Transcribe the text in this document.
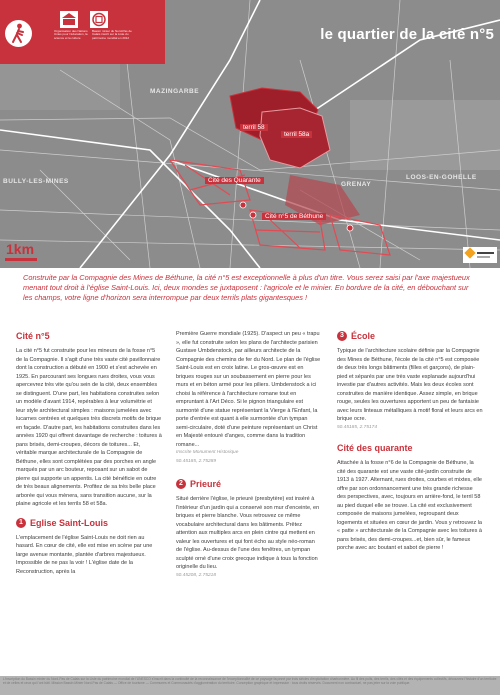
Organisation des Nations Unies pour l'éducation, la science et la culture
Bassin minier du Nord-Pas de Calais inscrit sur la Liste du patrimoine mondial en 2012	le quartier de la cité n°5
MAZINGARBE
BULLY-LES-MINES	GRENAY
LOOS-EN-GOHELLE
terril 58
terril 58a
Cité des Quarante
Cité n°5 de Béthune
1km
Construite par la Compagnie des Mines de Béthune, la cité n°5 est exceptionnelle à plus d'un titre. Vous serez saisi par l'axe majestueux menant tout droit à l'église Saint-Louis. Ici, deux mondes se juxtaposent : l'agricole et le minier. En bordure de la cité, en débouchant sur les champs, votre ligne d'horizon sera interrompue par deux terrils plats gigantesques !
Cité n°5

La cité n°5 fut construite pour les mineurs de la fosse n°5 de la Compagnie. Il s'agit d'une très vaste cité pavillonnaire dont la construction a débuté en 1900 et s'est achevée en 1925. En parcourant ses longues rues droites, vous vous apercevrez très vite qu'ou sein de la cité, deux ensembles se distinguent. D'une part, les habitations construites selon un modèle d'avant 1914, repérables à leur volumétrie et leur style architectural simples : maisons jumelées avec lucarnes centrées et quelques très discrets motifs de brique en façade. D'autre part, les habitations construites dans les années 1920 qui offrent davantage de recherche : toitures à pans brisés, demi-croupes, décors de toitures... Et, véritable marque architecturale de la Compagnie de Béthune, elles sont complétées par des porches en angle marqués par un arc bouteur, reposant sur un sabot de pierre qui supporte un appentis. La cité bénéficie en outre de très beaux alignements. Profitez de sa très belle place arborée qui vous mènera, sans transition aucune, sur la plaine agricole et les terrils 58 et 58a.

1 Eglise Saint-Louis

L'emplacement de l'église Saint-Louis ne doit rien au hasard. En cœur de cité, elle est mise en scène par une large avenue montante, plantée d'arbres majestueux. Impossible de ne pas la voir ! L'église date de la Reconstruction, après la

Première Guerre mondiale (1925). D'aspect un peu « trapu », elle fut construite selon les plans de l'architecte parisien Gustave Umbdenstock, par ailleurs architecte de la Compagnie des chemins de fer du Nord. Le plan de l'église Saint-Louis est en croix latine. Le gros-œuvre est en briques rouges sur un soubassement en pierre pour les murs et en béton armé pour les piliers. Umbdenstock a ici choisi la référence à l'architecture romane tout en empruntant à l'Art Déco. Si le pignon triangulaire est surmonté d'une statue représentant la Vierge à l'Enfant, la porte d'entrée est quant à elle surmontée d'un tympan semi-circulaire, doté d'une peinture représentant un Christ en Majesté entouré d'anges, comme dans la tradition romane...

Inscrite Monument Historique

50.45185, 2.75289

2 Prieuré

Situé derrière l'église, le prieuré (presbytère) est inséré à l'intérieur d'un jardin qui a conservé son mur d'enceinte, en briques et pierre blanche. Vous retrouvez ce même vocabulaire architectural dans les bâtiments. Prêtez attention aux multiples arcs en plein cintre qui mettent en valeur les ouvertures et qui font écho au style néo-roman de l'église. Au-dessus de l'une des fenêtres, un tympan sculpté orné d'une croix grecque indique à tous la fonction originelle du lieu.

50.45208, 2.75218

3 École

Typique de l'architecture scolaire définie par la Compagnie des Mines de Béthune, l'école de la cité n°5 est composée de deux très longs bâtiments (filles et garçons), de plain-pied et séparés par une très vaste esplanade aujourd'hui investie par d'autres activités. Mais les deux écoles sont construites de manière identique. Assez simple, en brique rouge, seules les ouvertures apportent un peu de fantaisie avec leurs linteaux métalliques à motif floral et leurs arcs en brique ocre.

50.45185, 2.75174

Cité des quarante

Attachée à la fosse n°6 de la Compagnie de Béthune, la cité des quarante est une vaste cité-jardin construite de 1913 à 1927. Alternant, rues droites, courbes et mixtes, elle offre par son ordonnancement une très grande richesse des perspectives, avec, toujours en arrière-fond, le terril 58 au pied duquel elle se trouve. La cité est exclusivement composée de maisons jumelées, regroupant deux logements et situées en cœur de jardin. Vous y retrouvez la « patte » architecturale de la Compagnie avec les toitures à pans brisés, des demi-croupes...et, bien sûr, le fameux porche avec arc boutant et sabot de pierre !

L'inscription du Bassin minier du Nord-Pas de Calais sur la Liste du patrimoine mondial de l'UNESCO s'inscrit dans la continuité de la reconnaissance de l'exceptionnalité de ce paysage façonné par trois siècles d'exploitation charbonnière. Au fil des puits, des terrils, des cités et des équipements collectifs, découvrez l'histoire d'un territoire et de celles et ceux qui l'ont bâti. Mission Bassin Minier Nord-Pas de Calais — Office de tourisme — Communes et Communautés d'agglomération du territoire. Conception graphique et impression : tous droits réservés. Document non contractuel, ne pas jeter sur la voie publique.
